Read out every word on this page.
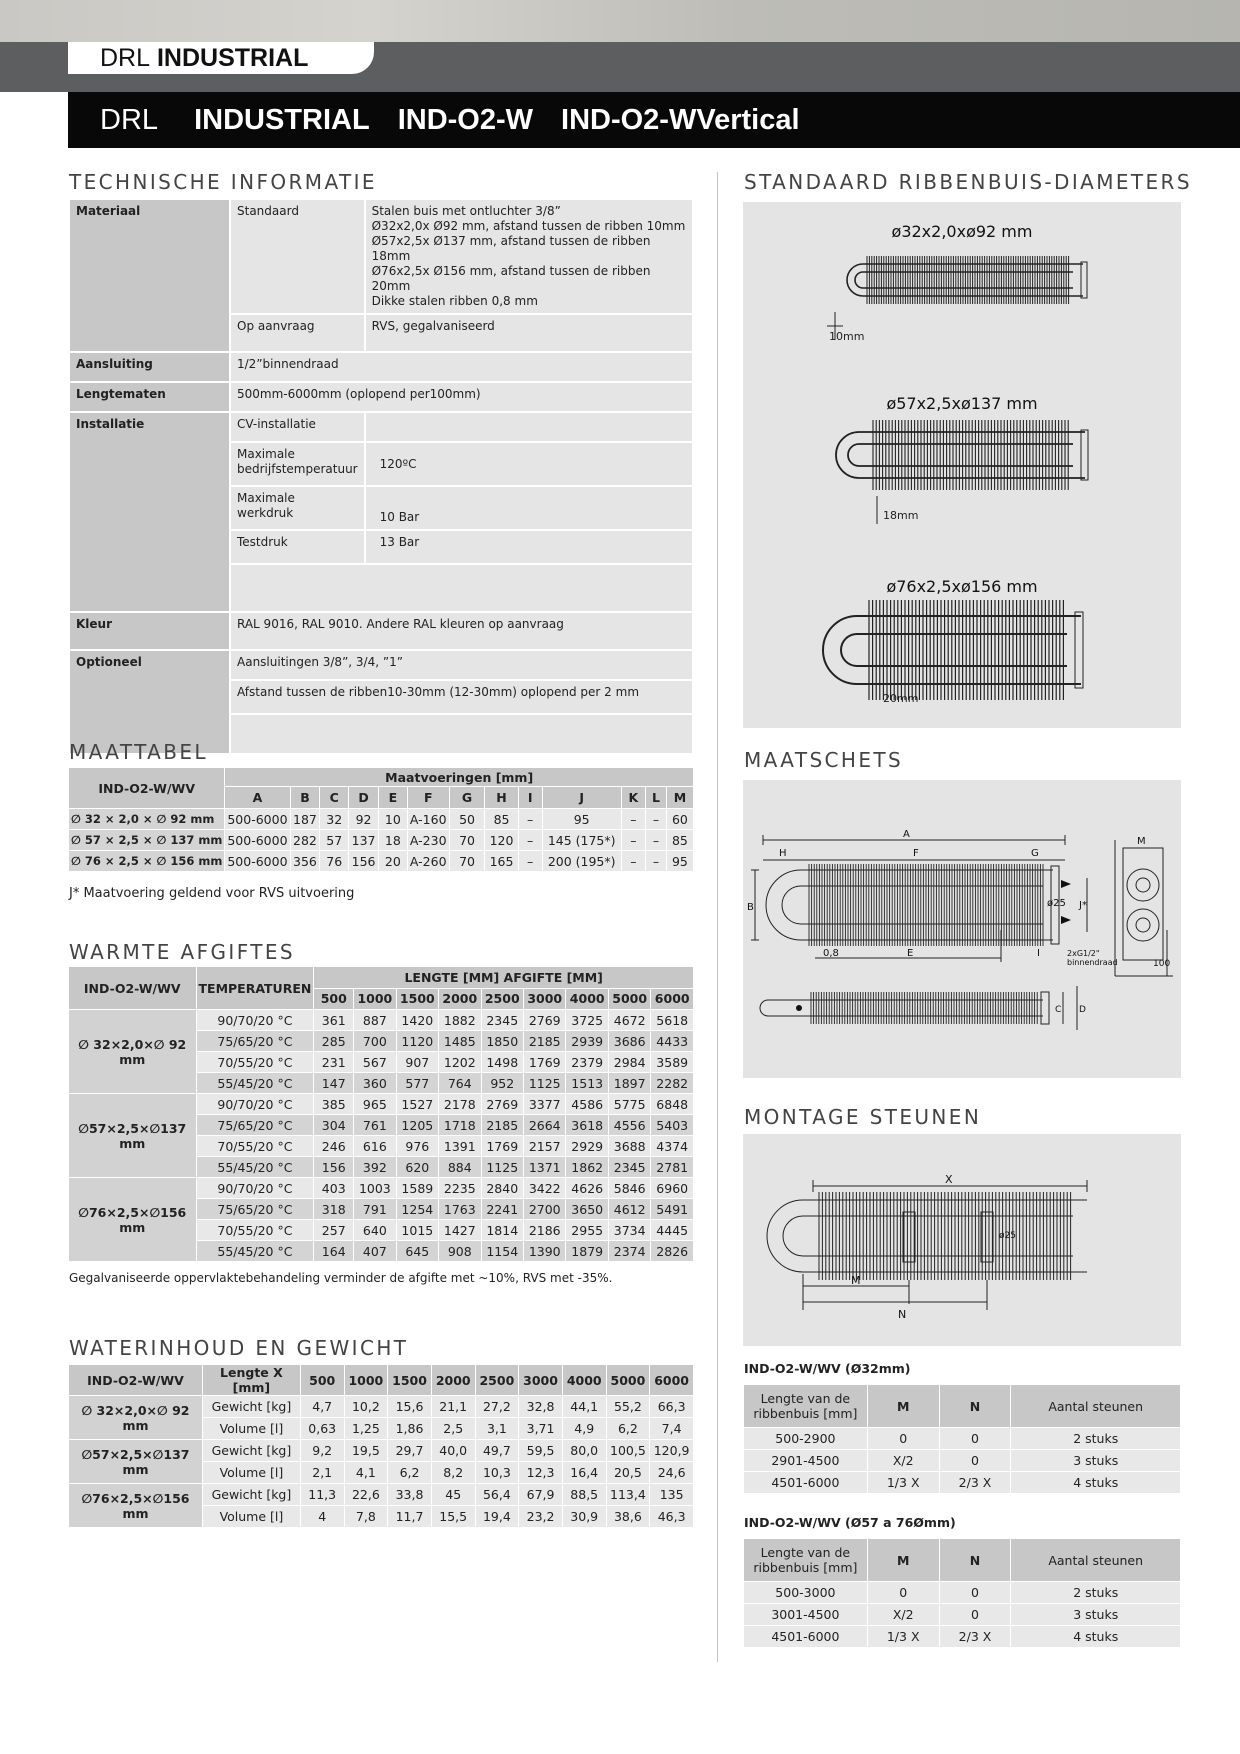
DRL
INDUSTRIAL
DRL INDUSTRIAL IND-O2-W IND-O2-WVertical
TECHNISCHE INFORMATIE
Materiaal	Standaard	Stalen buis met ontluchter 3/8”
Ø32x2,0x Ø92 mm, afstand tussen de ribben 10mm
Ø57x2,5x Ø137 mm, afstand tussen de ribben 18mm
Ø76x2,5x Ø156 mm, afstand tussen de ribben 20mm
Dikke stalen ribben 0,8 mm

	Op aanvraag	RVS, gegalvaniseerd
Aansluiting	1/2”binnendraad	
Lengtematen	500mm-6000mm (oplopend per100mm)	
Installatie	CV-installatie	

	Maximale
bedrijfstemperatuur	120ºC

	Maximale
werkdruk	10 Bar
	Testdruk	13 Bar

Kleur	RAL 9016, RAL 9010. Andere RAL kleuren op aanvraag	
Optioneel	Aansluitingen 3/8”, 3/4, ”1”	
	Afstand tussen de ribben10-30mm (12-30mm) oplopend per 2 mm	

MAATTABEL
IND-O2-W/WV	Maatvoeringen [mm]												
	A	B	C	D	E	F	G	H	I	J	K	L	M
∅ 32 × 2,0 × ∅ 92 mm	500-6000	187	32	92	10	A-160	50	85	–	95	–	–	60
∅ 57 × 2,5 × ∅ 137 mm	500-6000	282	57	137	18	A-230	70	120	–	145 (175*)	–	–	85
∅ 76 × 2,5 × ∅ 156 mm	500-6000	356	76	156	20	A-260	70	165	–	200 (195*)	–	–	95
J* Maatvoering geldend voor RVS uitvoering
WARMTE AFGIFTES
IND-O2-W/WV	TEMPERATUREN	LENGTE [MM] AFGIFTE [MM]								
		500	1000	1500	2000	2500	3000	4000	5000	6000
∅ 32×2,0×∅ 92 mm	90/70/20 °C	361	887	1420	1882	2345	2769	3725	4672	5618
	75/65/20 °C	285	700	1120	1485	1850	2185	2939	3686	4433
	70/55/20 °C	231	567	907	1202	1498	1769	2379	2984	3589
	55/45/20 °C	147	360	577	764	952	1125	1513	1897	2282
∅57×2,5×∅137 mm	90/70/20 °C	385	965	1527	2178	2769	3377	4586	5775	6848
	75/65/20 °C	304	761	1205	1718	2185	2664	3618	4556	5403
	70/55/20 °C	246	616	976	1391	1769	2157	2929	3688	4374
	55/45/20 °C	156	392	620	884	1125	1371	1862	2345	2781
∅76×2,5×∅156 mm	90/70/20 °C	403	1003	1589	2235	2840	3422	4626	5846	6960
	75/65/20 °C	318	791	1254	1763	2241	2700	3650	4612	5491
	70/55/20 °C	257	640	1015	1427	1814	2186	2955	3734	4445
	55/45/20 °C	164	407	645	908	1154	1390	1879	2374	2826
Gegalvaniseerde oppervlaktebehandeling verminder de afgifte met ~10%, RVS met -35%.
WATERINHOUD EN GEWICHT
IND-O2-W/WV	Lengte X [mm]	500	1000	1500	2000	2500	3000	4000	5000	6000
∅ 32×2,0×∅ 92 mm	Gewicht [kg]	4,7	10,2	15,6	21,1	27,2	32,8	44,1	55,2	66,3
	Volume [l]	0,63	1,25	1,86	2,5	3,1	3,71	4,9	6,2	7,4
∅57×2,5×∅137 mm	Gewicht [kg]	9,2	19,5	29,7	40,0	49,7	59,5	80,0	100,5	120,9
	Volume [l]	2,1	4,1	6,2	8,2	10,3	12,3	16,4	20,5	24,6
∅76×2,5×∅156 mm	Gewicht [kg]	11,3	22,6	33,8	45	56,4	67,9	88,5	113,4	135
	Volume [l]	4	7,8	11,7	15,5	19,4	23,2	30,9	38,6	46,3
STANDAARD RIBBENBUIS-DIAMETERS
ø32x2,0xø92 mm
10mm
ø57x2,5xø137 mm
18mm
ø76x2,5xø156 mm
20mm
MAATSCHETS
A
H	F	G
B	J*
M
ø25
0,8	E	I	2xG1/2"
binnendraad	100
C D
MONTAGE STEUNEN
X
M
N
ø25
IND-O2-W/WV (Ø32mm)
Lengte van de
ribbenbuis [mm]	M	N	Aantal steunen
500-2900	0	0	2 stuks
2901-4500	X/2	0	3 stuks
4501-6000	1/3 X	2/3 X	4 stuks
IND-O2-W/WV (Ø57 a 76Ømm)
Lengte van de
ribbenbuis [mm]	M	N	Aantal steunen
500-3000	0	0	2 stuks
3001-4500	X/2	0	3 stuks
4501-6000	1/3 X	2/3 X	4 stuks
